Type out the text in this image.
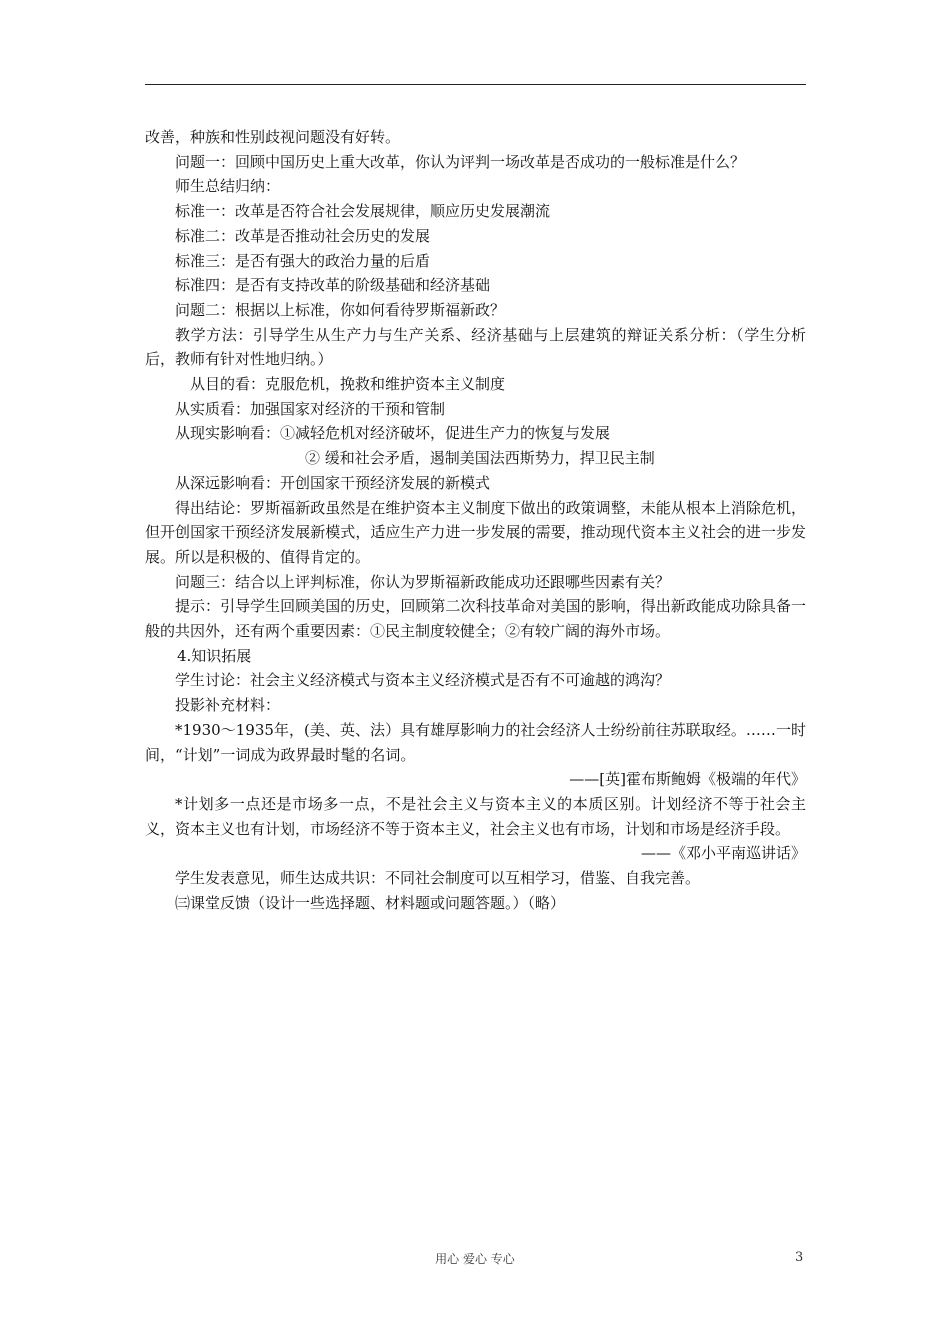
改善，种族和性别歧视问题没有好转。

问题一：回顾中国历史上重大改革，你认为评判一场改革是否成功的一般标准是什么？

师生总结归纳：

标准一：改革是否符合社会发展规律，顺应历史发展潮流

标准二：改革是否推动社会历史的发展

标准三：是否有强大的政治力量的后盾

标准四：是否有支持改革的阶级基础和经济基础

问题二：根据以上标准，你如何看待罗斯福新政？

教学方法：引导学生从生产力与生产关系、经济基础与上层建筑的辩证关系分析：（学生分析后，教师有针对性地归纳。）

从目的看：克服危机，挽救和维护资本主义制度

从实质看：加强国家对经济的干预和管制

从现实影响看：①减轻危机对经济破坏，促进生产力的恢复与发展

② 缓和社会矛盾，遏制美国法西斯势力，捍卫民主制

从深远影响看：开创国家干预经济发展的新模式

得出结论：罗斯福新政虽然是在维护资本主义制度下做出的政策调整，未能从根本上消除危机，但开创国家干预经济发展新模式，适应生产力进一步发展的需要，推动现代资本主义社会的进一步发展。所以是积极的、值得肯定的。

问题三：结合以上评判标准，你认为罗斯福新政能成功还跟哪些因素有关？

提示：引导学生回顾美国的历史，回顾第二次科技革命对美国的影响，得出新政能成功除具备一般的共因外，还有两个重要因素：①民主制度较健全；②有较广阔的海外市场。

4.知识拓展

学生讨论：社会主义经济模式与资本主义经济模式是否有不可逾越的鸿沟？

投影补充材料：

*1930～1935年，(美、英、法）具有雄厚影响力的社会经济人士纷纷前往苏联取经。……一时间，“计划”一词成为政界最时髦的名词。

——[英]霍布斯鲍姆《极端的年代》

*计划多一点还是市场多一点，不是社会主义与资本主义的本质区别。计划经济不等于社会主义，资本主义也有计划，市场经济不等于资本主义，社会主义也有市场，计划和市场是经济手段。

——《邓小平南巡讲话》

学生发表意见，师生达成共识：不同社会制度可以互相学习，借鉴、自我完善。

㈢课堂反馈（设计一些选择题、材料题或问题答题。）（略）

用心 爱心 专心	3
